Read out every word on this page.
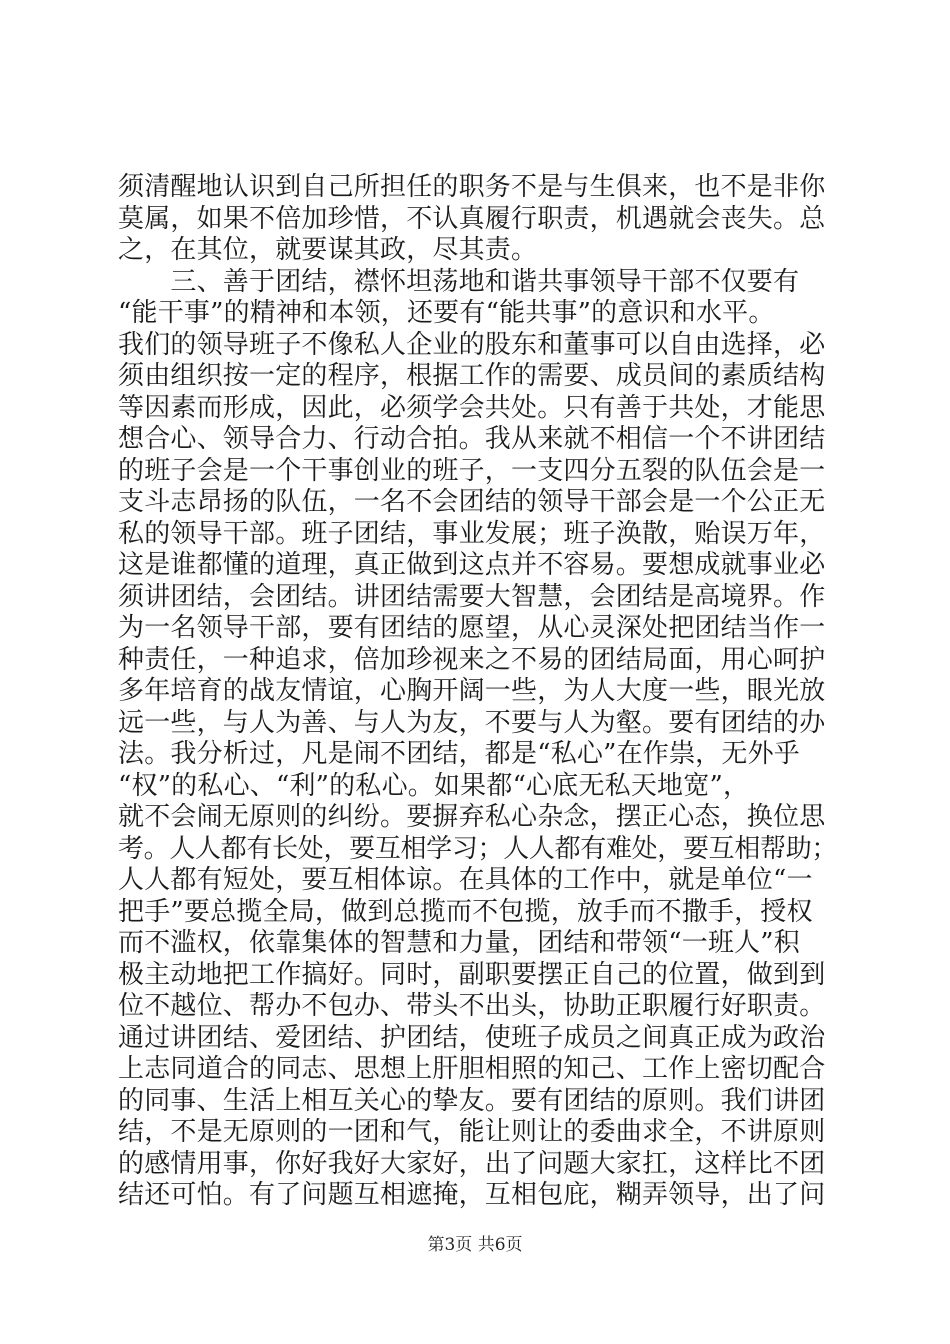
须清醒地认识到自己所担任的职务不是与生俱来，也不是非你
莫属，如果不倍加珍惜，不认真履行职责，机遇就会丧失。总
之，在其位，就要谋其政，尽其责。
　　三、善于团结，襟怀坦荡地和谐共事领导干部不仅要有
“能干事”的精神和本领，还要有“能共事”的意识和水平。
我们的领导班子不像私人企业的股东和董事可以自由选择，必
须由组织按一定的程序，根据工作的需要、成员间的素质结构
等因素而形成，因此，必须学会共处。只有善于共处，才能思
想合心、领导合力、行动合拍。我从来就不相信一个不讲团结
的班子会是一个干事创业的班子，一支四分五裂的队伍会是一
支斗志昂扬的队伍，一名不会团结的领导干部会是一个公正无
私的领导干部。班子团结，事业发展；班子涣散，贻误万年，
这是谁都懂的道理，真正做到这点并不容易。要想成就事业必
须讲团结，会团结。讲团结需要大智慧，会团结是高境界。作
为一名领导干部，要有团结的愿望，从心灵深处把团结当作一
种责任，一种追求，倍加珍视来之不易的团结局面，用心呵护
多年培育的战友情谊，心胸开阔一些，为人大度一些，眼光放
远一些，与人为善、与人为友，不要与人为壑。要有团结的办
法。我分析过，凡是闹不团结，都是“私心”在作祟，无外乎
“权”的私心、“利”的私心。如果都“心底无私天地宽”，
就不会闹无原则的纠纷。要摒弃私心杂念，摆正心态，换位思
考。人人都有长处，要互相学习；人人都有难处，要互相帮助；
人人都有短处，要互相体谅。在具体的工作中，就是单位“一
把手”要总揽全局，做到总揽而不包揽，放手而不撒手，授权
而不滥权，依靠集体的智慧和力量，团结和带领“一班人”积
极主动地把工作搞好。同时，副职要摆正自己的位置，做到到
位不越位、帮办不包办、带头不出头，协助正职履行好职责。
通过讲团结、爱团结、护团结，使班子成员之间真正成为政治
上志同道合的同志、思想上肝胆相照的知己、工作上密切配合
的同事、生活上相互关心的挚友。要有团结的原则。我们讲团
结，不是无原则的一团和气，能让则让的委曲求全，不讲原则
的感情用事，你好我好大家好，出了问题大家扛，这样比不团
结还可怕。有了问题互相遮掩，互相包庇，糊弄领导，出了问
第3页 共6页
